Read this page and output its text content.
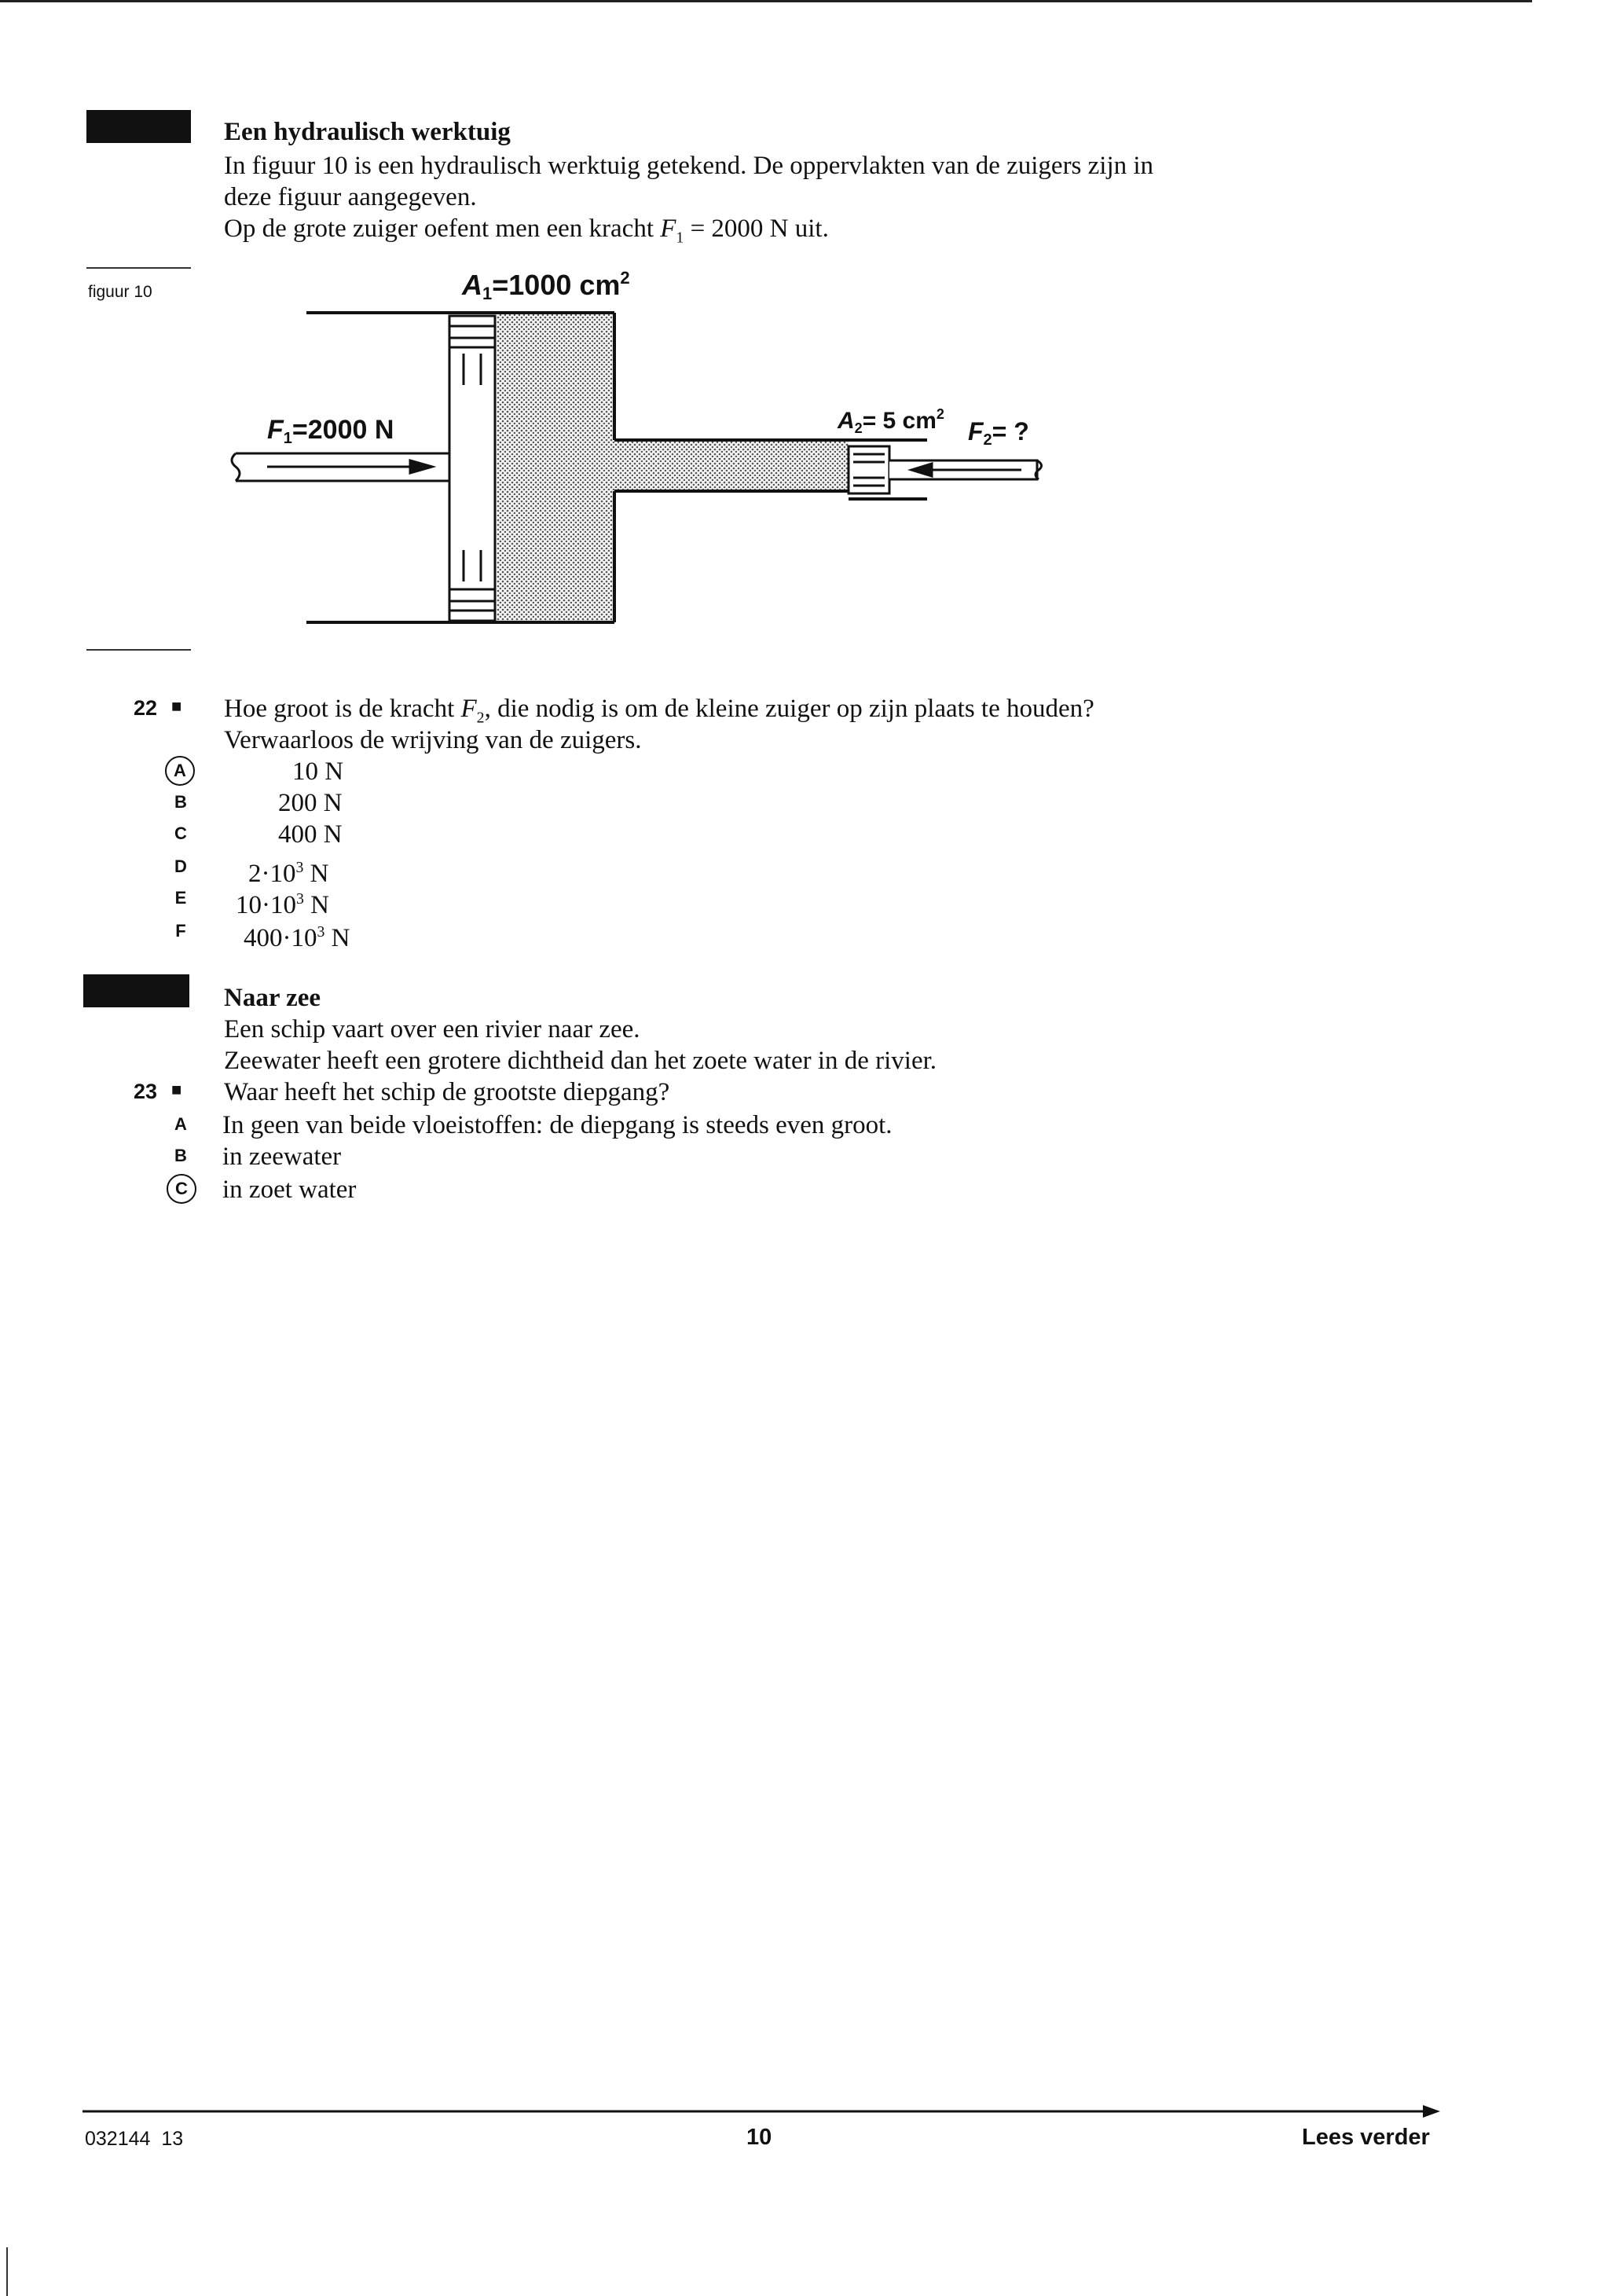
Een hydraulisch werktuig
In figuur 10 is een hydraulisch werktuig getekend. De oppervlakten van de zuigers zijn in
deze figuur aangegeven.
Op de grote zuiger oefent men een kracht $F_1 = 2000$ N uit.
figuur 10	A1=1000 $cm^2$
F1=2000 N	$A_2= 5$ $cm^2$
F2= ?
22 ■ Hoe groot is de kracht $F_2$, die nodig is om de kleine zuiger op zijn plaats te houden?
Verwaarloos de wrijving van de zuigers.
A	10 N
B	200 N
C	400 N
D	$2\cdot 10^3$ N
E	$10\cdot 10^3$ N
F	$400\cdot 10^3$ N
Naar zee
Een schip vaart over een rivier naar zee.
Zeewater heeft een grotere dichtheid dan het zoete water in de rivier.
23 ■ Waar heeft het schip de grootste diepgang?
A	In geen van beide vloeistoffen: de diepgang is steeds even groot.
B	in zeewater
C	in zoet water
032144  13	10	Lees verder
